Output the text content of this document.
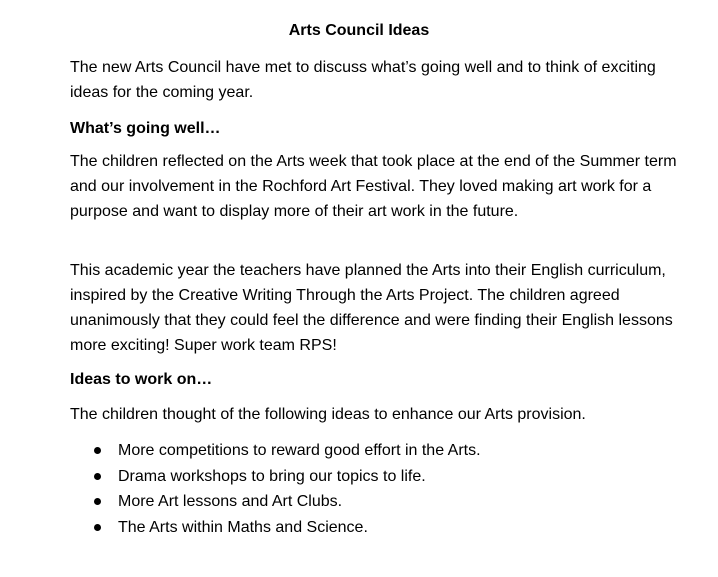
Arts Council Ideas

The new Arts Council have met to discuss what’s going well and to think of exciting ideas for the coming year.

What’s going well…

The children reflected on the Arts week that took place at the end of the Summer term and our involvement in the Rochford Art Festival. They loved making art work for a purpose and want to display more of their art work in the future.

This academic year the teachers have planned the Arts into their English curriculum, inspired by the Creative Writing Through the Arts Project. The children agreed unanimously that they could feel the difference and were finding their English lessons more exciting! Super work team RPS!

Ideas to work on…

The children thought of the following ideas to enhance our Arts provision.

More competitions to reward good effort in the Arts.
Drama workshops to bring our topics to life.
More Art lessons and Art Clubs.
The Arts within Maths and Science.
